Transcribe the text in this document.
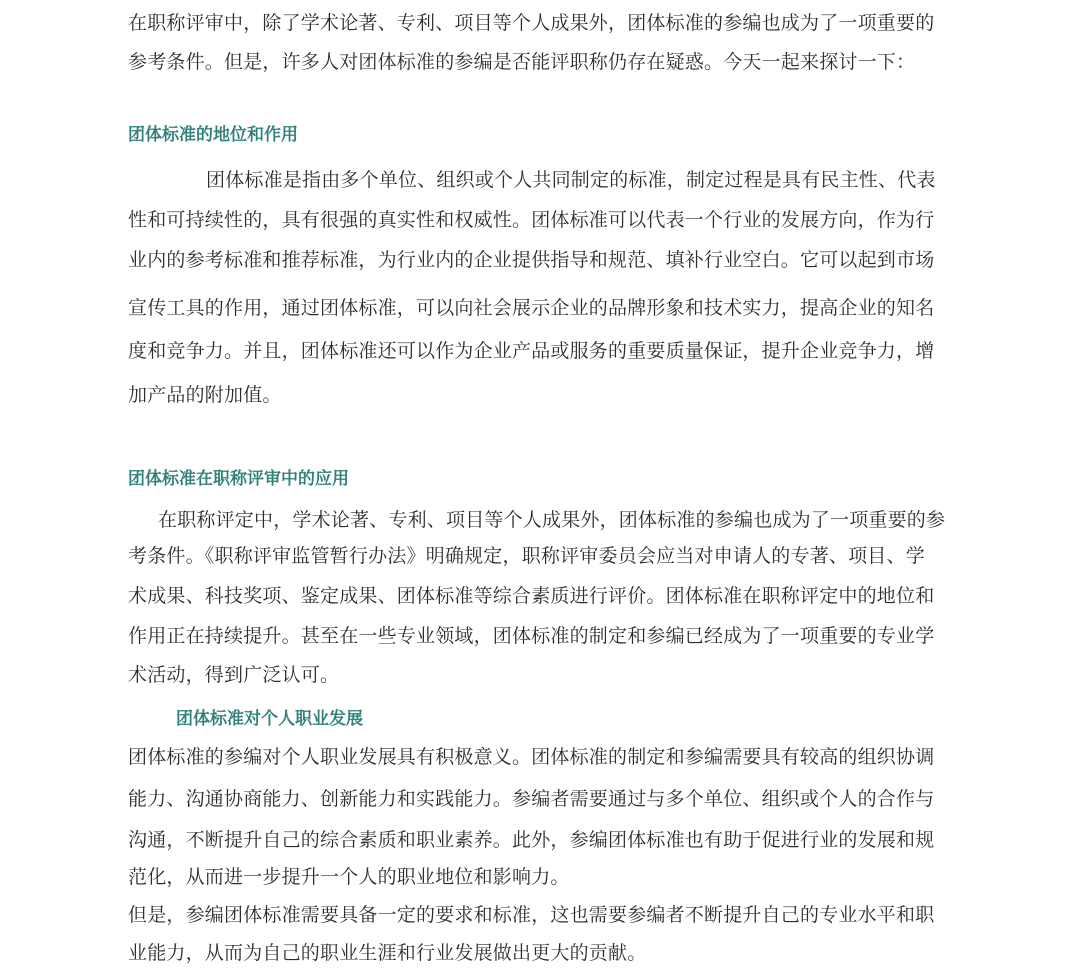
在职称评审中，除了学术论著、专利、项目等个人成果外，团体标准的参编也成为了一项重要的
参考条件。但是，许多人对团体标准的参编是否能评职称仍存在疑惑。今天一起来探讨一下：
团体标准的地位和作用
团体标准是指由多个单位、组织或个人共同制定的标准，制定过程是具有民主性、代表
性和可持续性的，具有很强的真实性和权威性。团体标准可以代表一个行业的发展方向，作为行
业内的参考标准和推荐标准，为行业内的企业提供指导和规范、填补行业空白。它可以起到市场
宣传工具的作用，通过团体标准，可以向社会展示企业的品牌形象和技术实力，提高企业的知名
度和竞争力。并且，团体标准还可以作为企业产品或服务的重要质量保证，提升企业竞争力，增
加产品的附加值。
团体标准在职称评审中的应用
在职称评定中，学术论著、专利、项目等个人成果外，团体标准的参编也成为了一项重要的参
考条件。《职称评审监管暂行办法》明确规定，职称评审委员会应当对申请人的专著、项目、学
术成果、科技奖项、鉴定成果、团体标准等综合素质进行评价。团体标准在职称评定中的地位和
作用正在持续提升。甚至在一些专业领域，团体标准的制定和参编已经成为了一项重要的专业学
术活动，得到广泛认可。
团体标准对个人职业发展
团体标准的参编对个人职业发展具有积极意义。团体标准的制定和参编需要具有较高的组织协调
能力、沟通协商能力、创新能力和实践能力。参编者需要通过与多个单位、组织或个人的合作与
沟通，不断提升自己的综合素质和职业素养。此外，参编团体标准也有助于促进行业的发展和规
范化，从而进一步提升一个人的职业地位和影响力。
但是，参编团体标准需要具备一定的要求和标准，这也需要参编者不断提升自己的专业水平和职
业能力，从而为自己的职业生涯和行业发展做出更大的贡献。
